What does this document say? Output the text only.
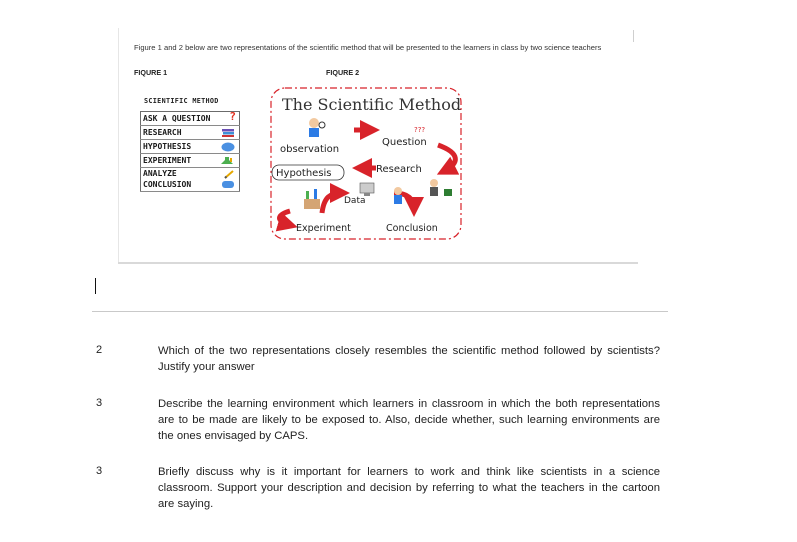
Figure 1 and 2 below are two representations of the scientific method that will be presented to the learners in class by two science teachers
FIQURE 1	FIQURE 2
SCIENTIFIC METHOD
ASK A QUESTION ?

RESEARCH

HYPOTHESIS

EXPERIMENT

ANALYZE

CONCLUSION
The Scientific Method
observation
???
Question
Research
Hypothesis
Data
Experiment	Conclusion
2	Which of the two representations closely resembles the scientific method followed by scientists? Justify your answer
3	Describe the learning environment which learners in classroom in which the both representations are to be made are likely to be exposed to. Also, decide whether, such learning environments are the ones envisaged by CAPS.
3	Briefly discuss why is it important for learners to work and think like scientists in a science classroom. Support your description and decision by referring to what the teachers in the cartoon are saying.
